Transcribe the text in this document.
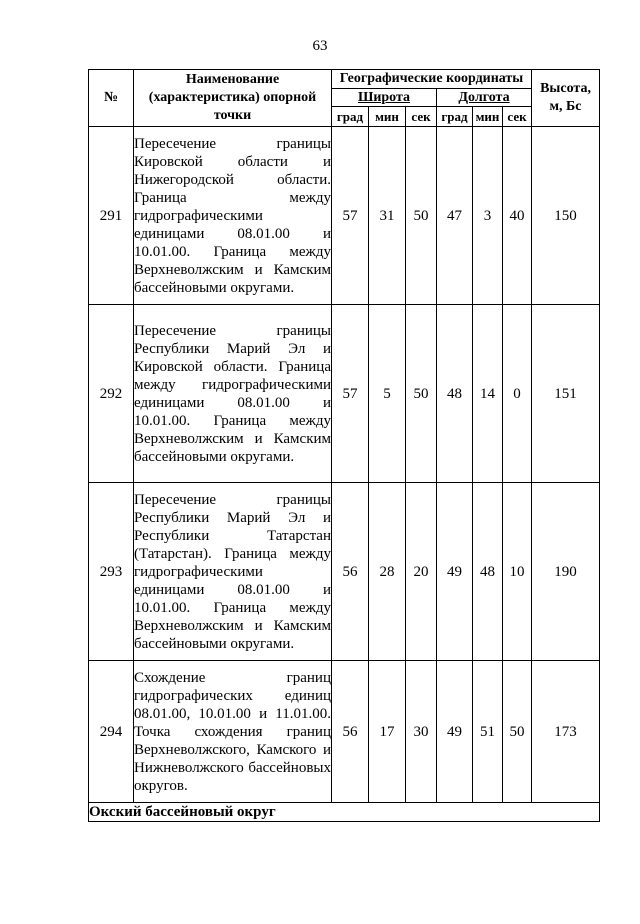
63
№	Наименование (характеристика) опорной точки	Географические координаты						Высота, м, Бс
		Широта			Долгота			
		град	мин	сек	град	мин	сек	
291	Пересечение границы Кировской области и Нижегородской области. Граница между гидрографическими единицами 08.01.00 и 10.01.00. Граница между Верхневолжским и Камским бассейновыми округами.	57	31	50	47	3	40	150
292	Пересечение границы Республики Марий Эл и Кировской области. Граница между гидрографическими единицами 08.01.00 и 10.01.00. Граница между Верхневолжским и Камским бассейновыми округами.	57	5	50	48	14	0	151
293	Пересечение границы Республики Марий Эл и Республики Татарстан (Татарстан). Граница между гидрографическими единицами 08.01.00 и 10.01.00. Граница между Верхневолжским и Камским бассейновыми округами.	56	28	20	49	48	10	190
294	Схождение границ гидрографических единиц 08.01.00, 10.01.00 и 11.01.00. Точка схождения границ Верхневолжского, Камского и Нижневолжского бассейновых округов.	56	17	30	49	51	50	173
Окский бассейновый округ								
